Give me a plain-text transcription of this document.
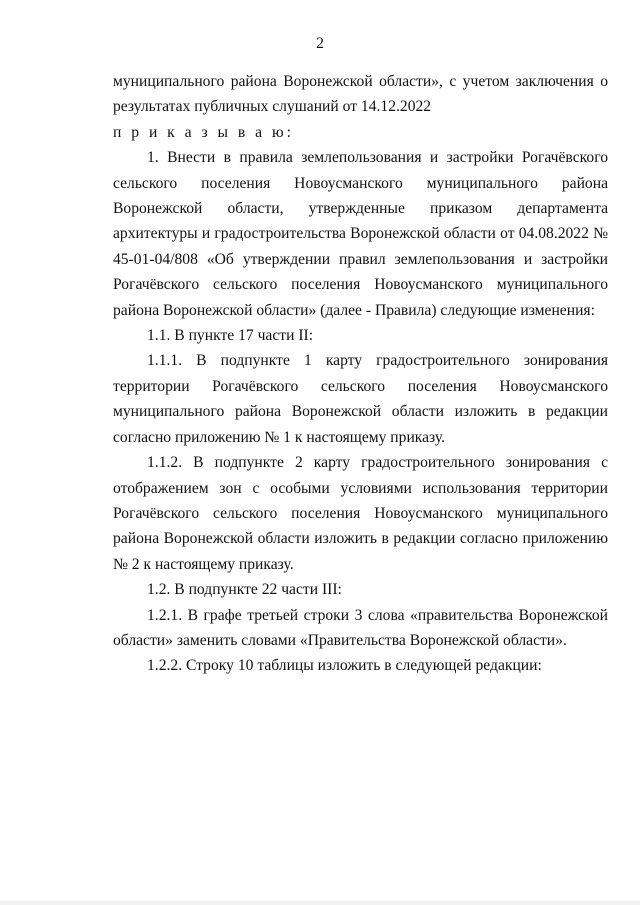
2

муниципального района Воронежской области», с учетом заключения о результатах публичных слушаний от 14.12.2022

п р и к а з ы в а ю:

1. Внести в правила землепользования и застройки Рогачёвского сельского поселения Новоусманского муниципального района Воронежской области, утвержденные приказом департамента архитектуры и градостроительства Воронежской области от 04.08.2022 № 45-01-04/808 «Об утверждении правил землепользования и застройки Рогачёвского сельского поселения Новоусманского муниципального района Воронежской области» (далее - Правила) следующие изменения:

1.1. В пункте 17 части II:

1.1.1. В подпункте 1 карту градостроительного зонирования территории Рогачёвского сельского поселения Новоусманского муниципального района Воронежской области изложить в редакции согласно приложению № 1 к настоящему приказу.

1.1.2. В подпункте 2 карту градостроительного зонирования с отображением зон с особыми условиями использования территории Рогачёвского сельского поселения Новоусманского муниципального района Воронежской области изложить в редакции согласно приложению № 2 к настоящему приказу.

1.2. В подпункте 22 части III:

1.2.1. В графе третьей строки 3 слова «правительства Воронежской области» заменить словами «Правительства Воронежской области».

1.2.2. Строку 10 таблицы изложить в следующей редакции:
